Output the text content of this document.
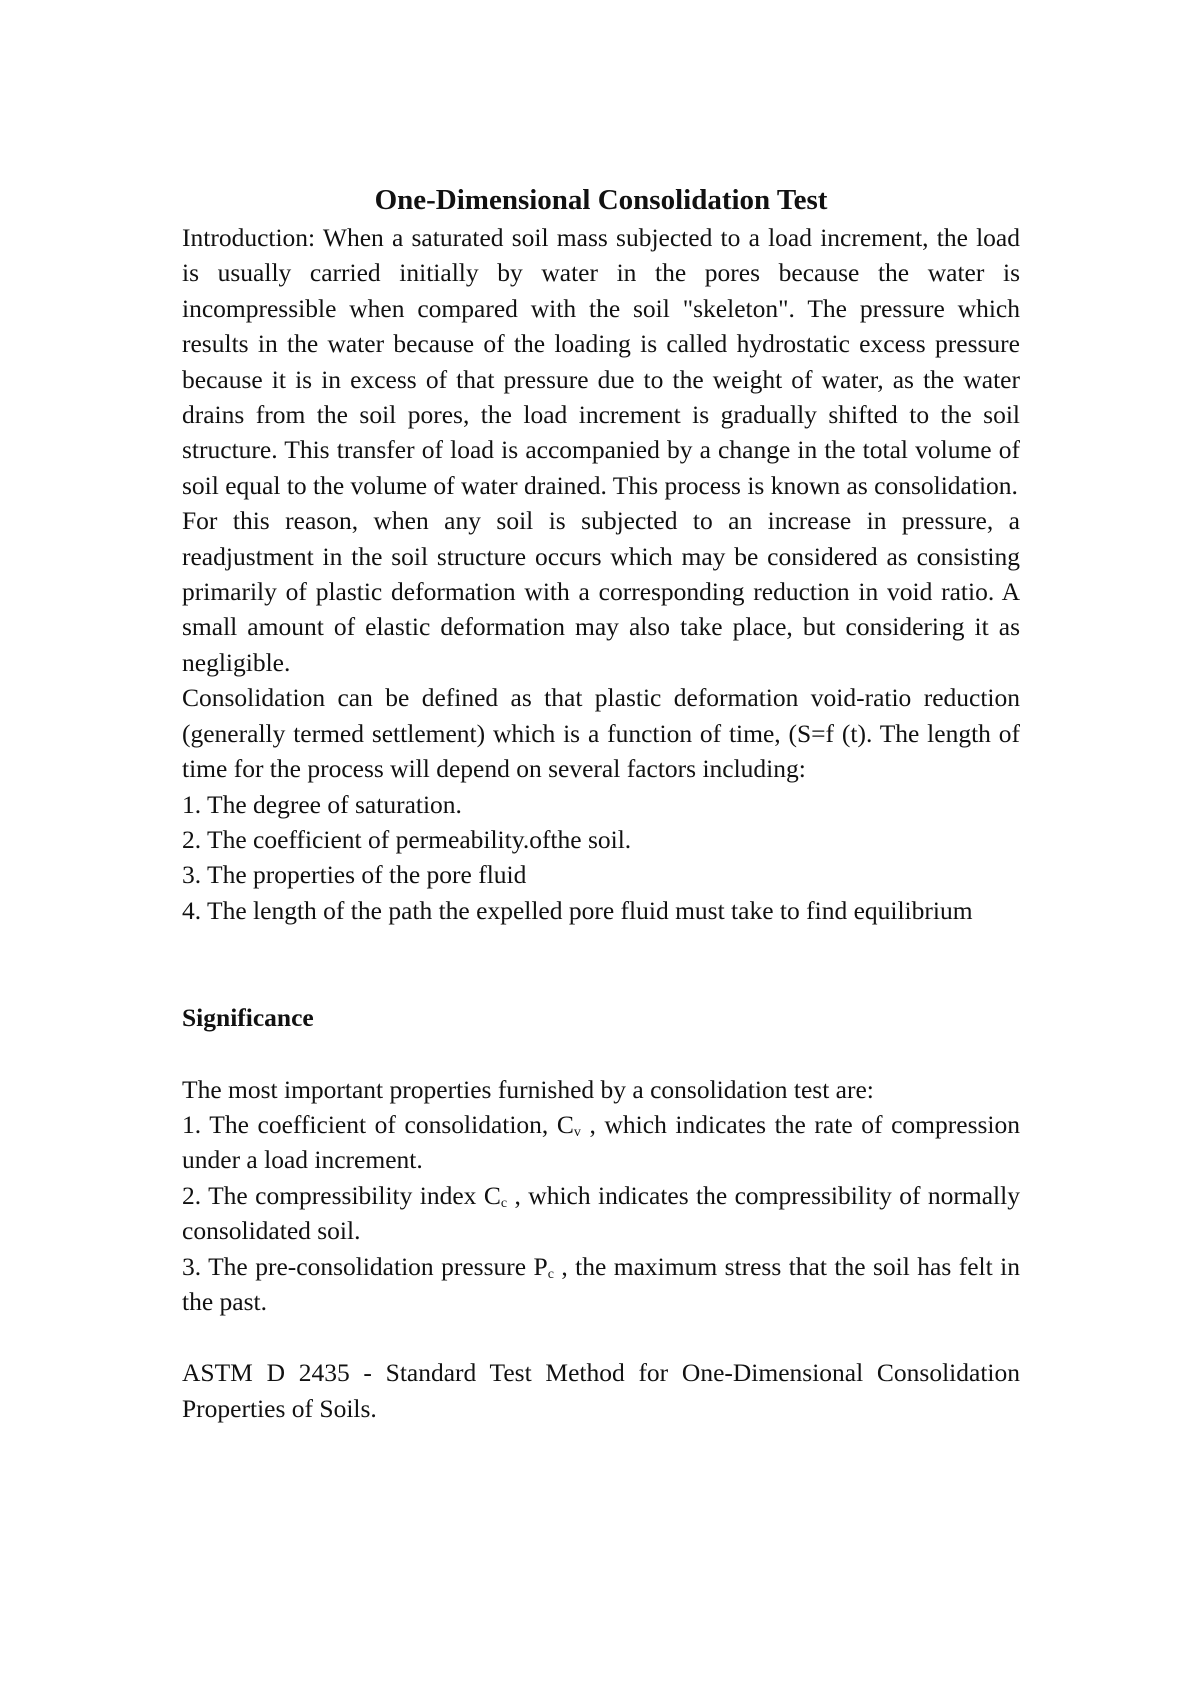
One-Dimensional Consolidation Test

Introduction: When a saturated soil mass subjected to a load increment, the load is usually carried initially by water in the pores because the water is incompressible when compared with the soil "skeleton". The pressure which results in the water because of the loading is called hydrostatic excess pressure because it is in excess of that pressure due to the weight of water, as the water drains from the soil pores, the load increment is gradually shifted to the soil structure. This transfer of load is accompanied by a change in the total volume of soil equal to the volume of water drained. This process is known as consolidation.

For this reason, when any soil is subjected to an increase in pressure, a readjustment in the soil structure occurs which may be considered as consisting primarily of plastic deformation with a corresponding reduction in void ratio. A small amount of elastic deformation may also take place, but considering it as negligible.

Consolidation can be defined as that plastic deformation void-ratio reduction (generally termed settlement) which is a function of time, (S=f (t). The length of time for the process will depend on several factors including:

1. The degree of saturation.
2. The coefficient of permeability.ofthe soil.
3. The properties of the pore fluid
4. The length of the path the expelled pore fluid must take to find equilibrium
Significance

The most important properties furnished by a consolidation test are:

1. The coefficient of consolidation, $C_v$ , which indicates the rate of compression under a load increment.

2. The compressibility index $C_c$ , which indicates the compressibility of normally consolidated soil.

3. The pre-consolidation pressure $P_c$ , the maximum stress that the soil has felt in the past.

ASTM D 2435 - Standard Test Method for One-Dimensional Consolidation Properties of Soils.
